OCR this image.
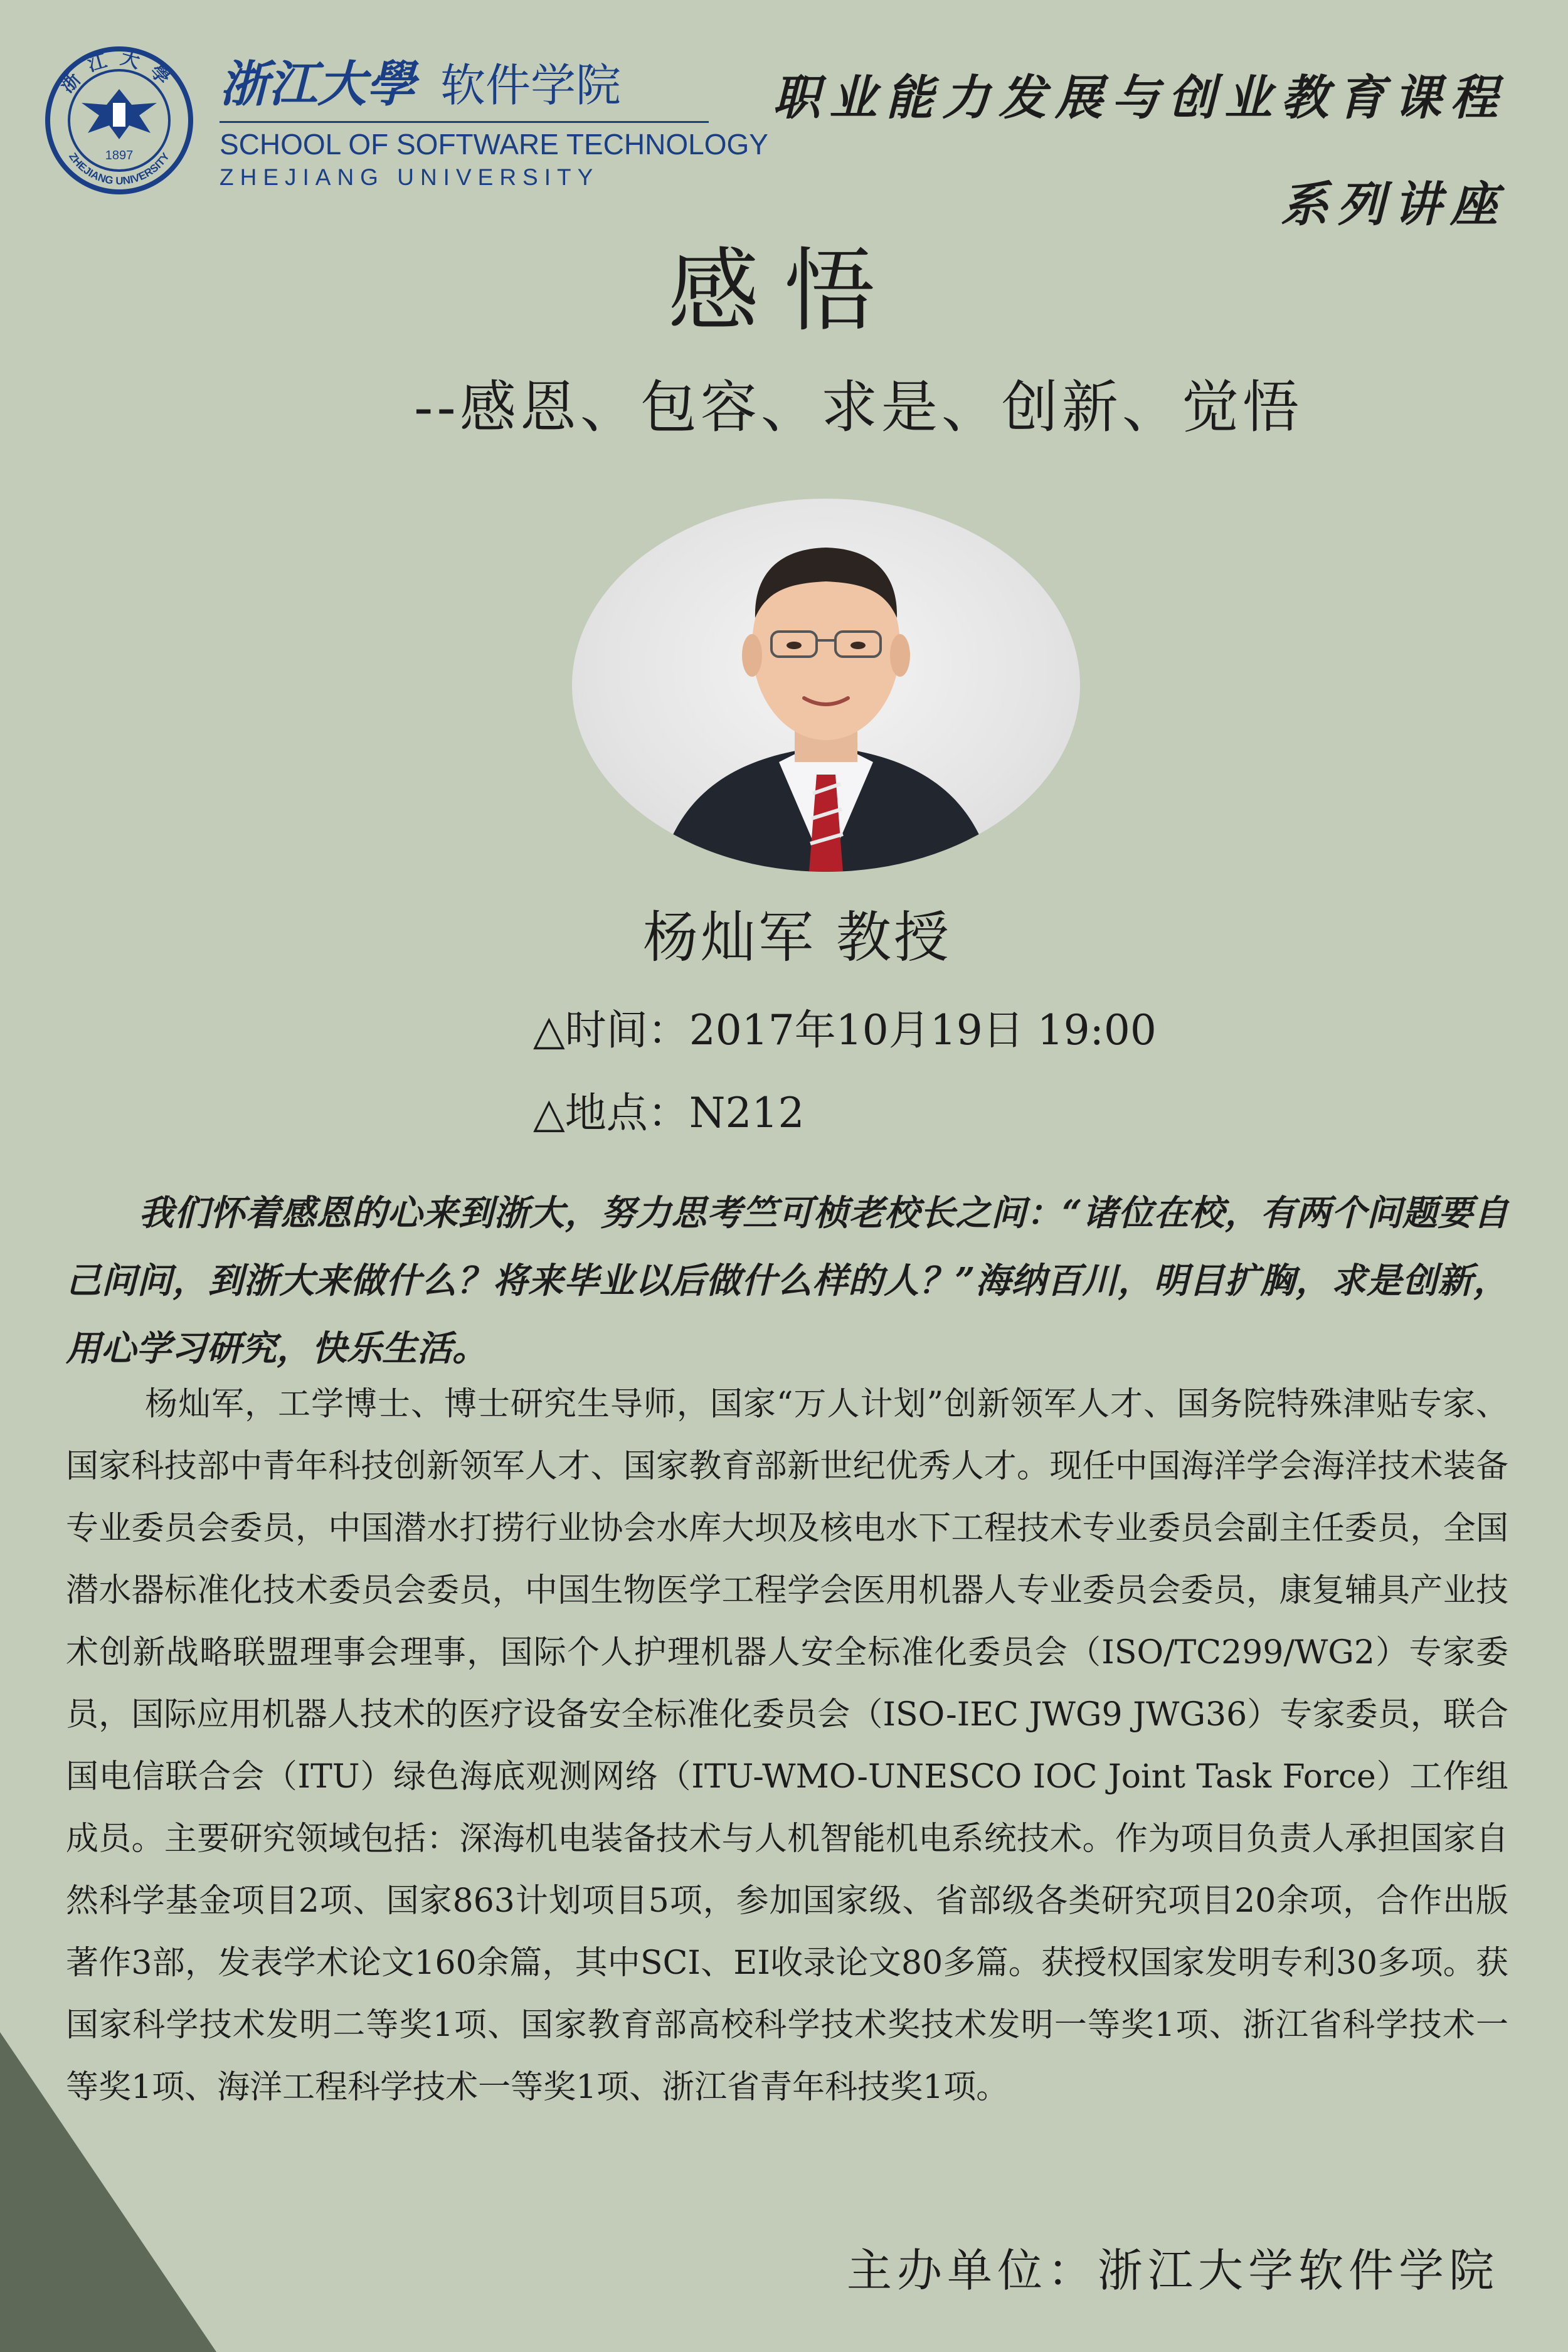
浙江大學
ZHEJIANG UNIVERSITY
1897
浙江大學 软件学院
SCHOOL OF SOFTWARE TECHNOLOGY
ZHEJIANG UNIVERSITY
职业能力发展与创业教育课程
系列讲座
感悟
--感恩、包容、求是、创新、觉悟
杨灿军 教授
△时间：2017年10月19日 19:00
△地点：N212
我们怀着感恩的心来到浙大，努力思考竺可桢老校长之问：“诸位在校，有两个问题要自己问问，到浙大来做什么？将来毕业以后做什么样的人？”海纳百川，明目扩胸，求是创新，用心学习研究，快乐生活。
杨灿军，工学博士、博士研究生导师，国家“万人计划”创新领军人才、国务院特殊津贴专家、国家科技部中青年科技创新领军人才、国家教育部新世纪优秀人才。现任中国海洋学会海洋技术装备专业委员会委员，中国潜水打捞行业协会水库大坝及核电水下工程技术专业委员会副主任委员，全国潜水器标准化技术委员会委员，中国生物医学工程学会医用机器人专业委员会委员，康复辅具产业技术创新战略联盟理事会理事，国际个人护理机器人安全标准化委员会（ISO/TC299/WG2）专家委员，国际应用机器人技术的医疗设备安全标准化委员会（ISO-IEC JWG9 JWG36）专家委员，联合国电信联合会（ITU）绿色海底观测网络（ITU-WMO-UNESCO IOC Joint Task Force）工作组成员。主要研究领域包括：深海机电装备技术与人机智能机电系统技术。作为项目负责人承担国家自然科学基金项目2项、国家863计划项目5项，参加国家级、省部级各类研究项目20余项，合作出版著作3部，发表学术论文160余篇，其中SCI、EI收录论文80多篇。获授权国家发明专利30多项。获国家科学技术发明二等奖1项、国家教育部高校科学技术奖技术发明一等奖1项、浙江省科学技术一等奖1项、海洋工程科学技术一等奖1项、浙江省青年科技奖1项。
主办单位：浙江大学软件学院
